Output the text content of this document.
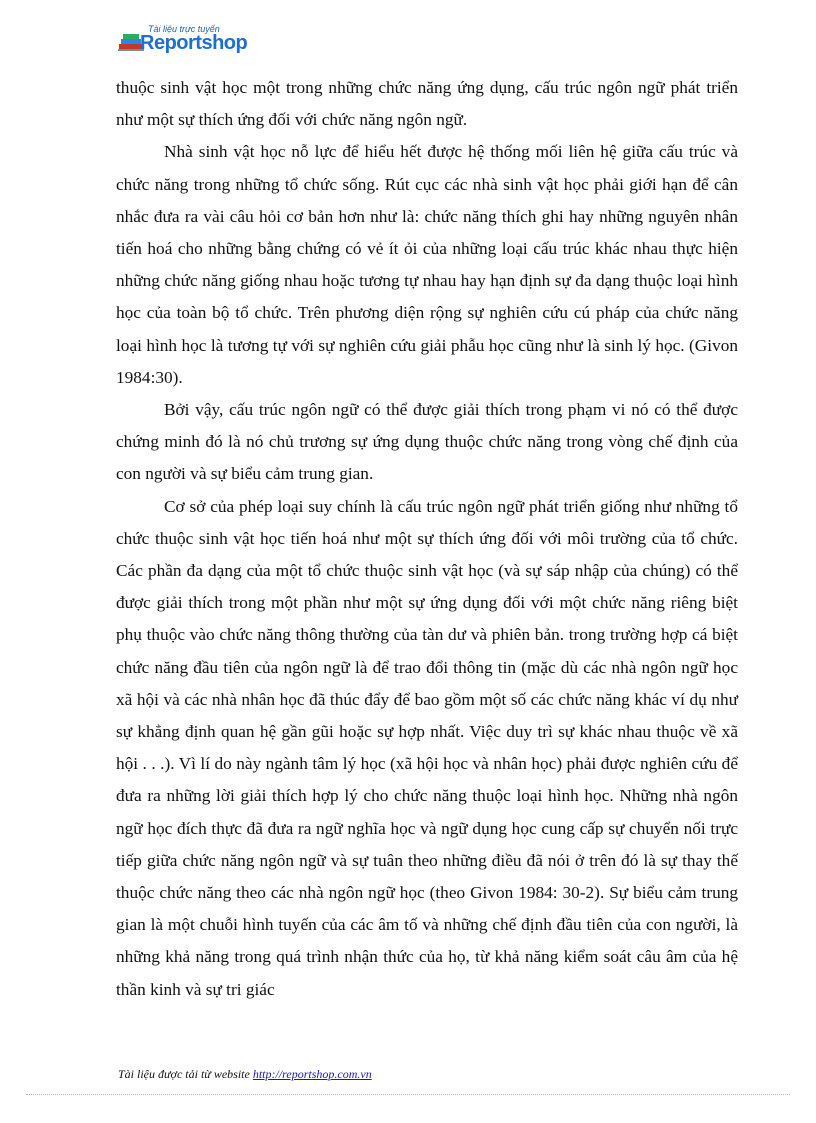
Tài liệu trực tuyến
Reportshop

thuộc sinh vật học một trong những chức năng ứng dụng, cấu trúc ngôn ngữ phát triển như một sự thích ứng đối với chức năng ngôn ngữ.

Nhà sinh vật học nỗ lực để hiểu hết được hệ thống mối liên hệ giữa cấu trúc và chức năng trong những tổ chức sống. Rút cục các nhà sinh vật học phải giới hạn để cân nhắc đưa ra vài câu hỏi cơ bản hơn như là: chức năng thích ghi hay những nguyên nhân tiến hoá cho những bằng chứng có vẻ ít ỏi của những loại cấu trúc khác nhau thực hiện những chức năng giống nhau hoặc tương tự nhau hay hạn định sự đa dạng thuộc loại hình học của toàn bộ tổ chức. Trên phương diện rộng sự nghiên cứu cú pháp của chức năng loại hình học là tương tự với sự nghiên cứu giải phẫu học cũng như là sinh lý học. (Givon 1984:30).

Bởi vậy, cấu trúc ngôn ngữ có thể được giải thích trong phạm vi nó có thể được chứng minh đó là nó chủ trương sự ứng dụng thuộc chức năng trong vòng chế định của con người và sự biểu cảm trung gian.

Cơ sở của phép loại suy chính là cấu trúc ngôn ngữ phát triển giống như những tổ chức thuộc sinh vật học tiến hoá như một sự thích ứng đối với môi trường của tổ chức. Các phần đa dạng của một tổ chức thuộc sinh vật học (và sự sáp nhập của chúng) có thể được giải thích trong một phần như một sự ứng dụng đối với một chức năng riêng biệt phụ thuộc vào chức năng thông thường của tàn dư và phiên bản. trong trường hợp cá biệt chức năng đầu tiên của ngôn ngữ là để trao đổi thông tin (mặc dù các nhà ngôn ngữ học xã hội và các nhà nhân học đã thúc đẩy để bao gồm một số các chức năng khác ví dụ như sự khẳng định quan hệ gần gũi hoặc sự hợp nhất. Việc duy trì sự khác nhau thuộc về xã hội . . .). Vì lí do này ngành tâm lý học (xã hội học và nhân học) phải được nghiên cứu để đưa ra những lời giải thích hợp lý cho chức năng thuộc loại hình học. Những nhà ngôn ngữ học đích thực đã đưa ra ngữ nghĩa học và ngữ dụng học cung cấp sự chuyển nối trực tiếp giữa chức năng ngôn ngữ và sự tuân theo những điều đã nói ở trên đó là sự thay thế thuộc chức năng theo các nhà ngôn ngữ học (theo Givon 1984: 30-2). Sự biểu cảm trung gian là một chuỗi hình tuyến của các âm tố và những chế định đầu tiên của con người, là những khả năng trong quá trình nhận thức của họ, từ khả năng kiểm soát câu âm của hệ thần kinh và sự tri giác

Tài liệu được tải từ website http://reportshop.com.vn
